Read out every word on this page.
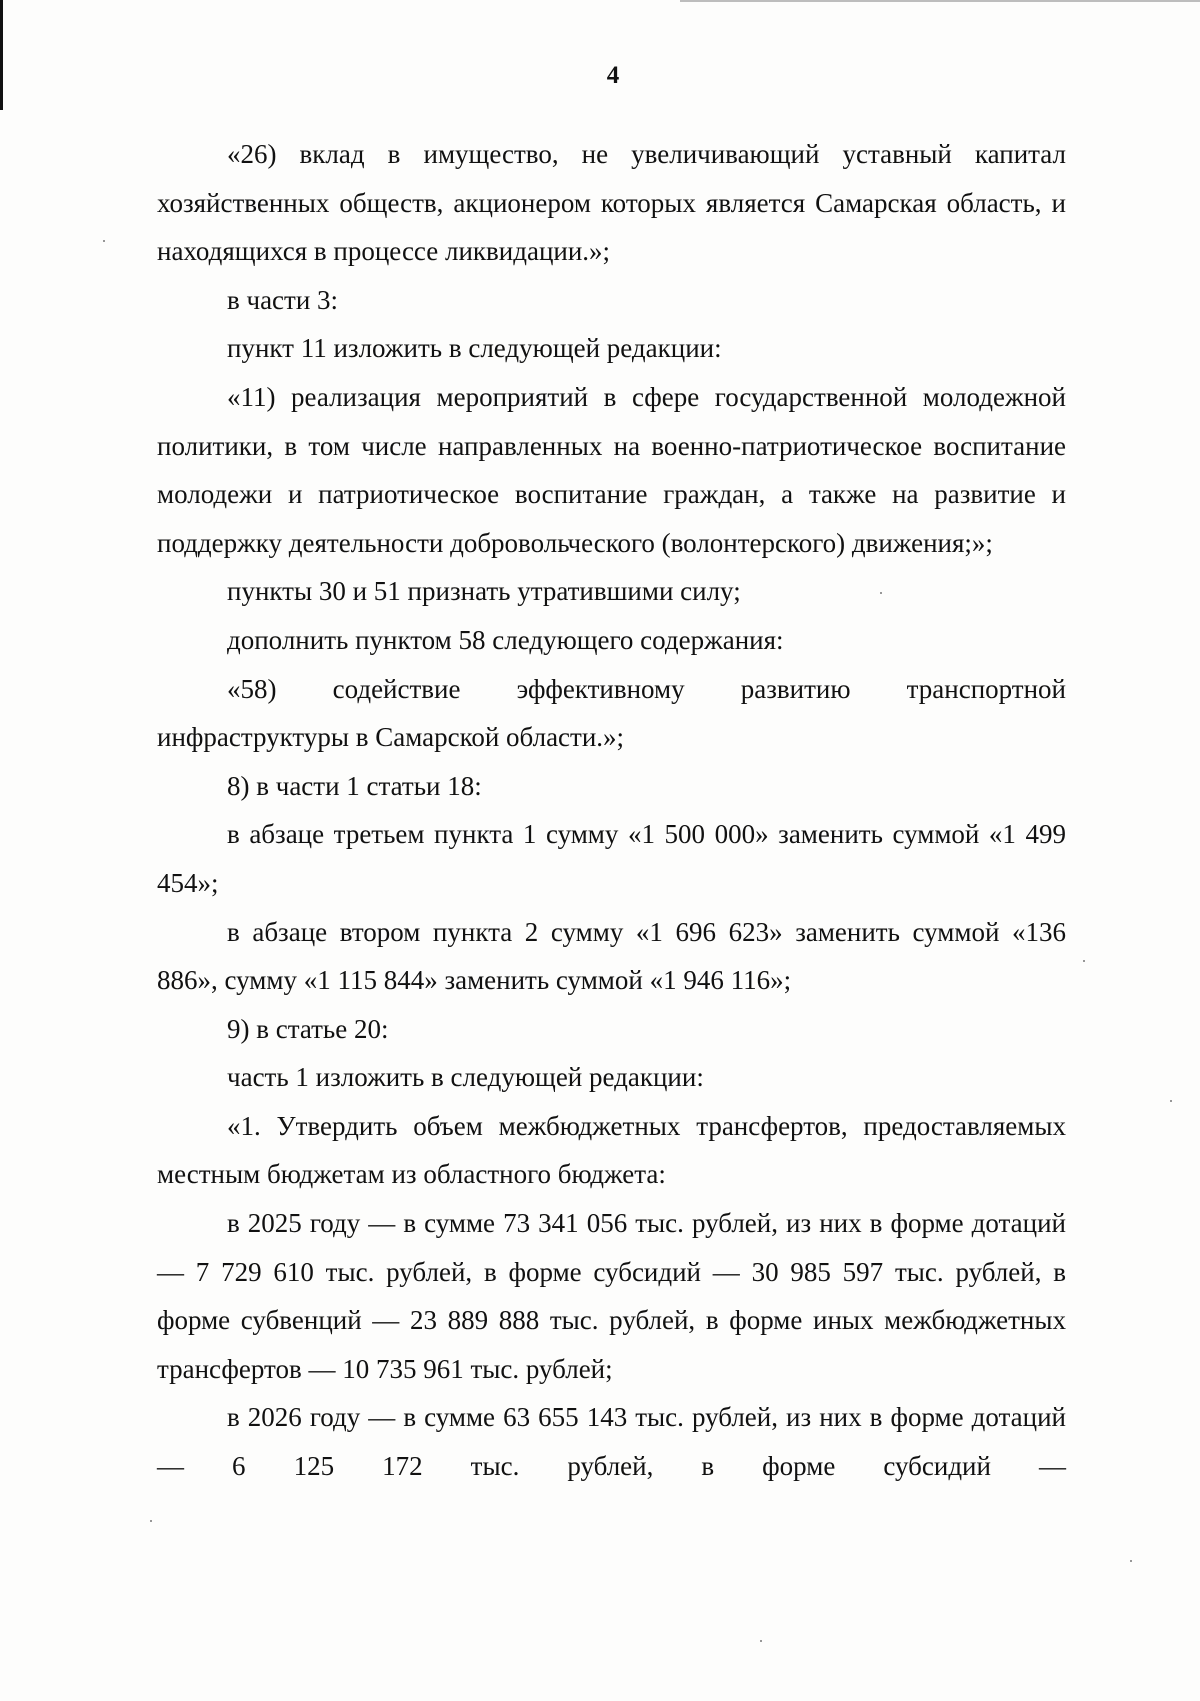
4

«26) вклад в имущество, не увеличивающий уставный капитал хозяйственных обществ, акционером которых является Самарская область, и находящихся в процессе ликвидации.»;

в части 3:

пункт 11 изложить в следующей редакции:

«11) реализация мероприятий в сфере государственной молодежной политики, в том числе направленных на военно-патриотическое воспитание молодежи и патриотическое воспитание граждан, а также на развитие и поддержку деятельности добровольческого (волонтерского) движения;»;

пункты 30 и 51 признать утратившими силу;

дополнить пунктом 58 следующего содержания:

«58) содействие эффективному развитию транспортной инфраструктуры в Самарской области.»;

8) в части 1 статьи 18:

в абзаце третьем пункта 1 сумму «1 500 000» заменить суммой «1 499 454»;

в абзаце втором пункта 2 сумму «1 696 623» заменить суммой «136 886», сумму «1 115 844» заменить суммой «1 946 116»;

9) в статье 20:

часть 1 изложить в следующей редакции:

«1. Утвердить объем межбюджетных трансфертов, предоставляемых местным бюджетам из областного бюджета:

в 2025 году — в сумме 73 341 056 тыс. рублей, из них в форме дотаций — 7 729 610 тыс. рублей, в форме субсидий — 30 985 597 тыс. рублей, в форме субвенций — 23 889 888 тыс. рублей, в форме иных межбюджетных трансфертов — 10 735 961 тыс. рублей;

в 2026 году — в сумме 63 655 143 тыс. рублей, из них в форме дотаций — 6 125 172 тыс. рублей, в форме субсидий —
